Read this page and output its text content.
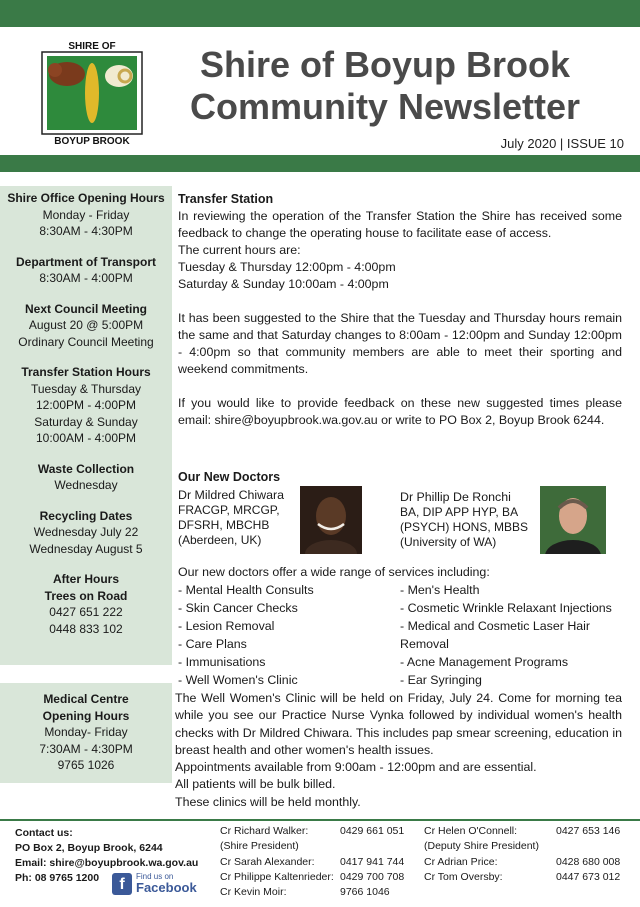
SHIRE OF
BOYUP BROOK
Shire of Boyup Brook
Community Newsletter
July 2020 | ISSUE 10
Shire Office Opening Hours
Monday - Friday
8:30AM - 4:30PM
Department of Transport
8:30AM - 4:00PM
Next Council Meeting
August 20 @ 5:00PM
Ordinary Council Meeting
Transfer Station Hours
Tuesday & Thursday
12:00PM - 4:00PM
Saturday & Sunday
10:00AM - 4:00PM
Waste Collection
Wednesday
Recycling Dates
Wednesday July 22
Wednesday August 5
After Hours Trees on Road
0427 651 222
0448 833 102
Medical Centre
Opening Hours
Monday- Friday
7:30AM - 4:30PM
9765 1026
Transfer Station

In reviewing the operation of the Transfer Station the Shire has received some feedback to change the operating house to facilitate ease of access.

The current hours are:

Tuesday & Thursday 12:00pm - 4:00pm

Saturday & Sunday 10:00am - 4:00pm

It has been suggested to the Shire that the Tuesday and Thursday hours remain the same and that Saturday changes to 8:00am - 12:00pm and Sunday 12:00pm - 4:00pm so that community members are able to meet their sporting and weekend commitments.

If you would like to provide feedback on these new suggested times please email: shire@boyupbrook.wa.gov.au or write to PO Box 2, Boyup Brook 6244.

Our New Doctors
Dr Mildred Chiwara
FRACGP, MRCGP,
DFSRH, MBCHB
(Aberdeen, UK)
Dr Phillip De Ronchi
BA, DIP APP HYP, BA
(PSYCH) HONS, MBBS
(University of WA)
Our new doctors offer a wide range of services including:
- Mental Health Consults
- Skin Cancer Checks
- Lesion Removal
- Care Plans
- Immunisations
- Well Women's Clinic
- Men's Health
- Cosmetic Wrinkle Relaxant Injections
- Medical and Cosmetic Laser Hair
Removal
- Acne Management Programs
- Ear Syringing

The Well Women's Clinic will be held on Friday, July 24. Come for morning tea while you see our Practice Nurse Vynka followed by individual women's health checks with Dr Mildred Chiwara. This includes pap smear screening, education in breast health and other women's health issues.

Appointments available from 9:00am - 12:00pm and are essential.

All patients will be bulk billed.

These clinics will be held monthly.

Contact us:
PO Box 2, Boyup Brook, 6244
Email: shire@boyupbrook.wa.gov.au
Ph: 08 9765 1200	f	Find us on
Facebook
Cr Richard Walker:	0429 661 051
(Shire President)
Cr Sarah Alexander:	0417 941 744
Cr Philippe Kaltenrieder: 0429 700 708
Cr Kevin Moir:	9766 1046
Cr Helen O'Connell:	0427 653 146
(Deputy Shire President)
Cr Adrian Price:	0428 680 008
Cr Tom Oversby:	0447 673 012
